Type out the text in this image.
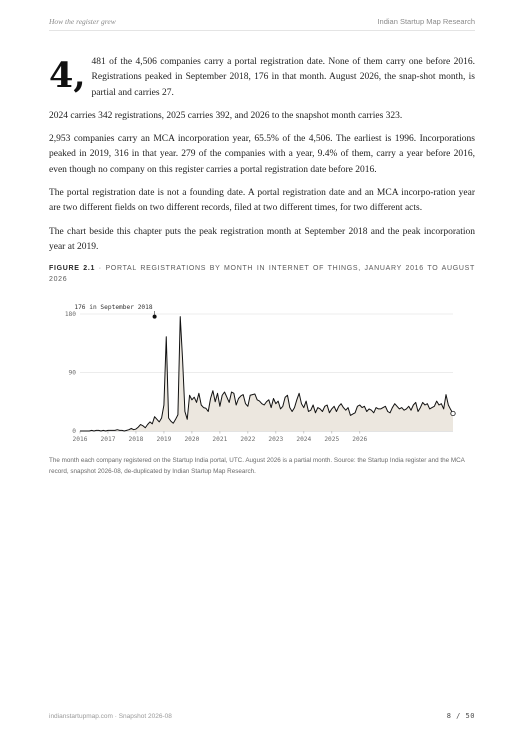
How the register grew	Indian Startup Map Research

4, 481 of the 4,506 companies carry a portal registration date. None of them carry one before 2016. Registrations peaked in September 2018, 176 in that month. August 2026, the snap-shot month, is partial and carries 27.

2024 carries 342 registrations, 2025 carries 392, and 2026 to the snapshot month carries 323.

2,953 companies carry an MCA incorporation year, 65.5% of the 4,506. The earliest is 1996. Incorporations peaked in 2019, 316 in that year. 279 of the companies with a year, 9.4% of them, carry a year before 2016, even though no company on this register carries a portal registration date before 2016.

The portal registration date is not a founding date. A portal registration date and an MCA incorpo-ration year are two different fields on two different records, filed at two different times, for two different acts.

The chart beside this chapter puts the peak registration month at September 2018 and the peak incorporation year at 2019.

FIGURE 2.1 · PORTAL REGISTRATIONS BY MONTH IN INTERNET OF THINGS, JANUARY 2016 TO AUGUST 2026
0
90
180
2016 2017 2018 2019 2020 2021 2022 2023 2024 2025 2026
176 in September 2018
The month each company registered on the Startup India portal, UTC. August 2026 is a partial month. Source: the Startup India register and the MCA record, snapshot 2026-08, de-duplicated by Indian Startup Map Research.
indianstartupmap.com · Snapshot 2026-08	8 / 50
